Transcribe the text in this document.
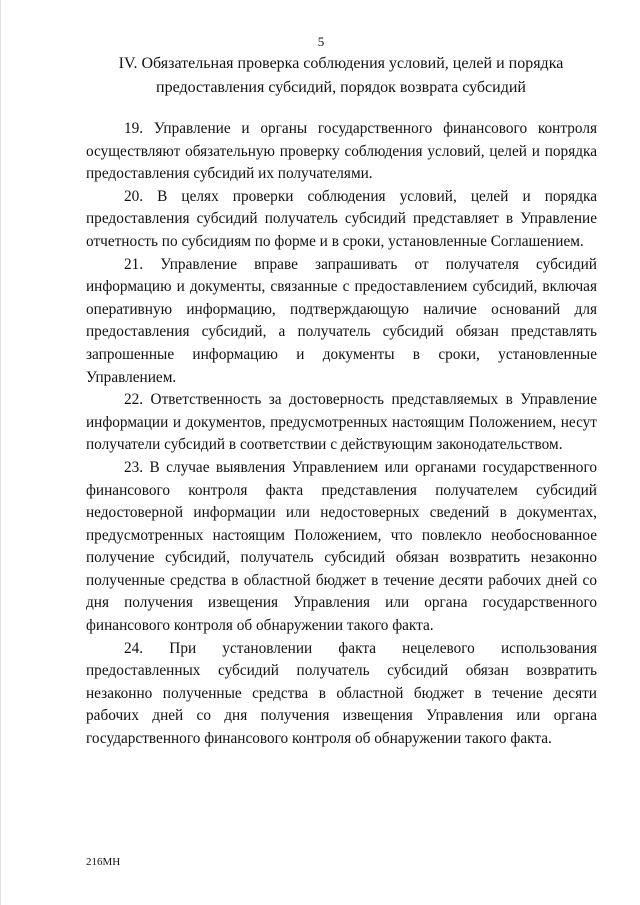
5
IV. Обязательная проверка соблюдения условий, целей и порядка
предоставления субсидий, порядок возврата субсидий

19. Управление и органы государственного финансового контроля осуществляют обязательную проверку соблюдения условий, целей и порядка предоставления субсидий их получателями.

20. В целях проверки соблюдения условий, целей и порядка предоставления субсидий получатель субсидий представляет в Управление отчетность по субсидиям по форме и в сроки, установленные Соглашением.

21. Управление вправе запрашивать от получателя субсидий информацию и документы, связанные с предоставлением субсидий, включая оперативную информацию, подтверждающую наличие оснований для предоставления субсидий, а получатель субсидий обязан представлять запрошенные информацию и документы в сроки, установленные Управлением.

22. Ответственность за достоверность представляемых в Управление информации и документов, предусмотренных настоящим Положением, несут получатели субсидий в соответствии с действующим законодательством.

23. В случае выявления Управлением или органами государственного финансового контроля факта представления получателем субсидий недостоверной информации или недостоверных сведений в документах, предусмотренных настоящим Положением, что повлекло необоснованное получение субсидий, получатель субсидий обязан возвратить незаконно полученные средства в областной бюджет в течение десяти рабочих дней со дня получения извещения Управления или органа государственного финансового контроля об обнаружении такого факта.

24. При установлении факта нецелевого использования предоставленных субсидий получатель субсидий обязан возвратить незаконно полученные средства в областной бюджет в течение десяти рабочих дней со дня получения извещения Управления или органа государственного финансового контроля об обнаружении такого факта.

216МН
